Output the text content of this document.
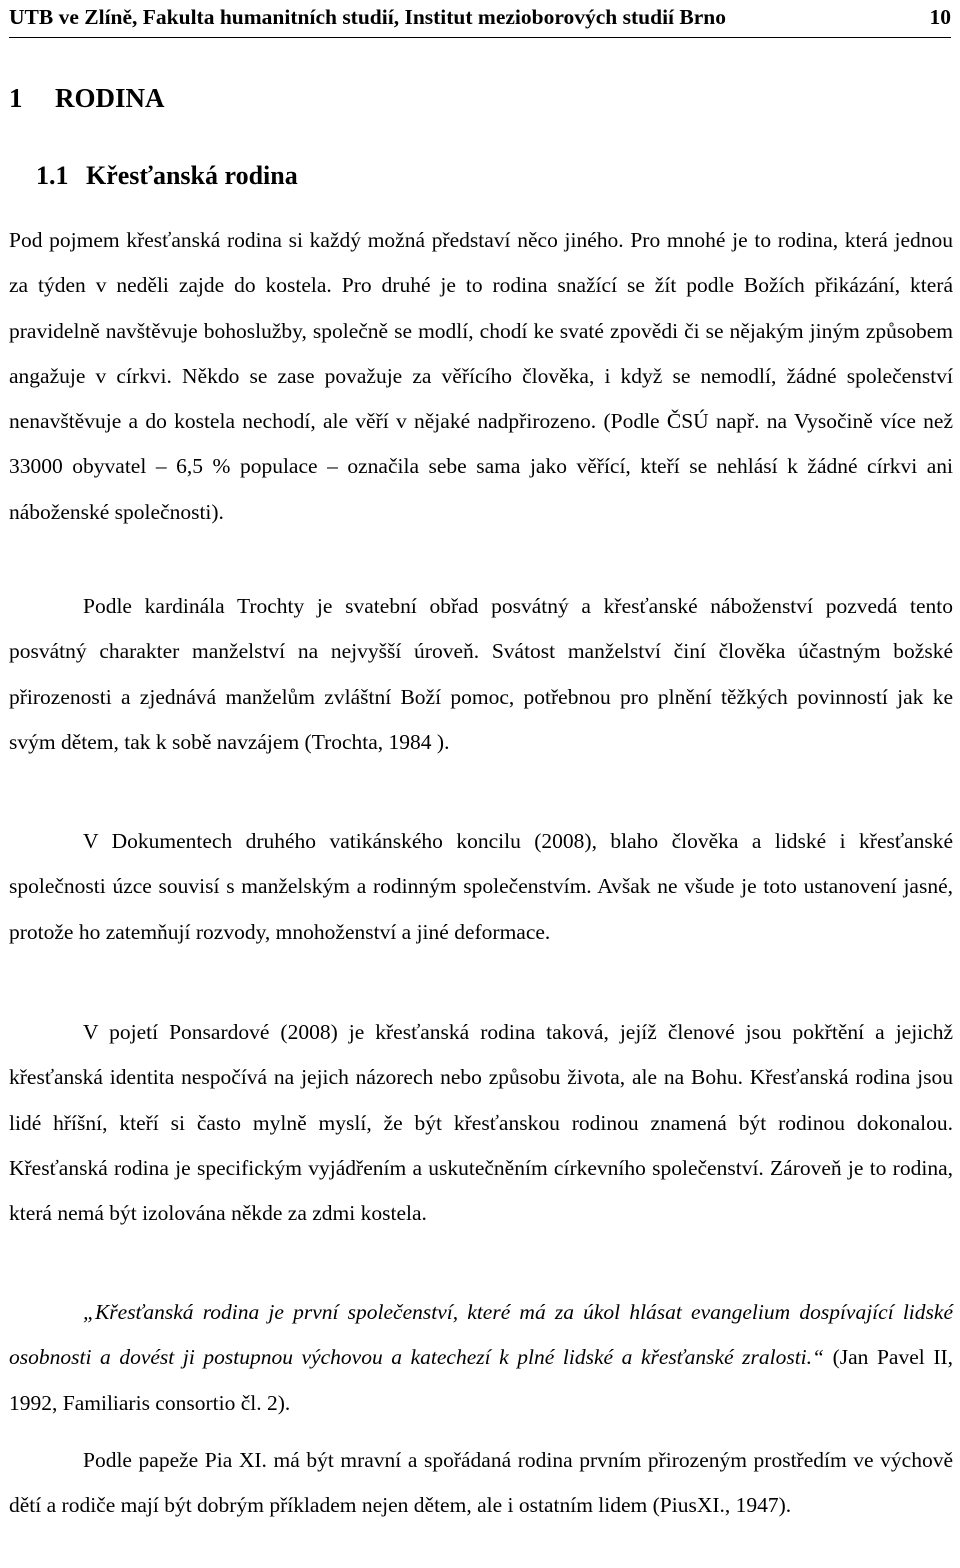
UTB ve Zlíně, Fakulta humanitních studií, Institut mezioborových studií Brno	10
1 RODINA
1.1 Křesťanská rodina

Pod pojmem křesťanská rodina si každý možná představí něco jiného. Pro mnohé je to rodina, která jednou za týden v neděli zajde do kostela. Pro druhé je to rodina snažící se žít podle Božích přikázání, která pravidelně navštěvuje bohoslužby, společně se modlí, chodí ke svaté zpovědi či se nějakým jiným způsobem angažuje v církvi. Někdo se zase považuje za věřícího člověka, i když se nemodlí, žádné společenství nenavštěvuje a do kostela nechodí, ale věří v nějaké nadpřirozeno. (Podle ČSÚ např. na Vysočině více než 33000 obyvatel – 6,5 % populace – označila sebe sama jako věřící, kteří se nehlásí k žádné církvi ani náboženské společnosti).

Podle kardinála Trochty je svatební obřad posvátný a křesťanské náboženství pozvedá tento posvátný charakter manželství na nejvyšší úroveň. Svátost manželství činí člověka účastným božské přirozenosti a zjednává manželům zvláštní Boží pomoc, potřebnou pro plnění těžkých povinností jak ke svým dětem, tak k sobě navzájem (Trochta, 1984 ).

V Dokumentech druhého vatikánského koncilu (2008), blaho člověka a lidské i křesťanské společnosti úzce souvisí s manželským a rodinným společenstvím. Avšak ne všude je toto ustanovení jasné, protože ho zatemňují rozvody, mnohoženství a jiné deformace.

V pojetí Ponsardové (2008) je křesťanská rodina taková, jejíž členové jsou pokřtění a jejichž křesťanská identita nespočívá na jejich názorech nebo způsobu života, ale na Bohu. Křesťanská rodina jsou lidé hříšní, kteří si často mylně myslí, že být křesťanskou rodinou znamená být rodinou dokonalou. Křesťanská rodina je specifickým vyjádřením a uskutečněním církevního společenství. Zároveň je to rodina, která nemá být izolována někde za zdmi kostela.

„Křesťanská rodina je první společenství, které má za úkol hlásat evangelium dospívající lidské osobnosti a dovést ji postupnou výchovou a katechezí k plné lidské a křesťanské zralosti.“ (Jan Pavel II, 1992, Familiaris consortio čl. 2).

Podle papeže Pia XI. má být mravní a spořádaná rodina prvním přirozeným prostředím ve výchově dětí a rodiče mají být dobrým příkladem nejen dětem, ale i ostatním lidem (PiusXI., 1947).
